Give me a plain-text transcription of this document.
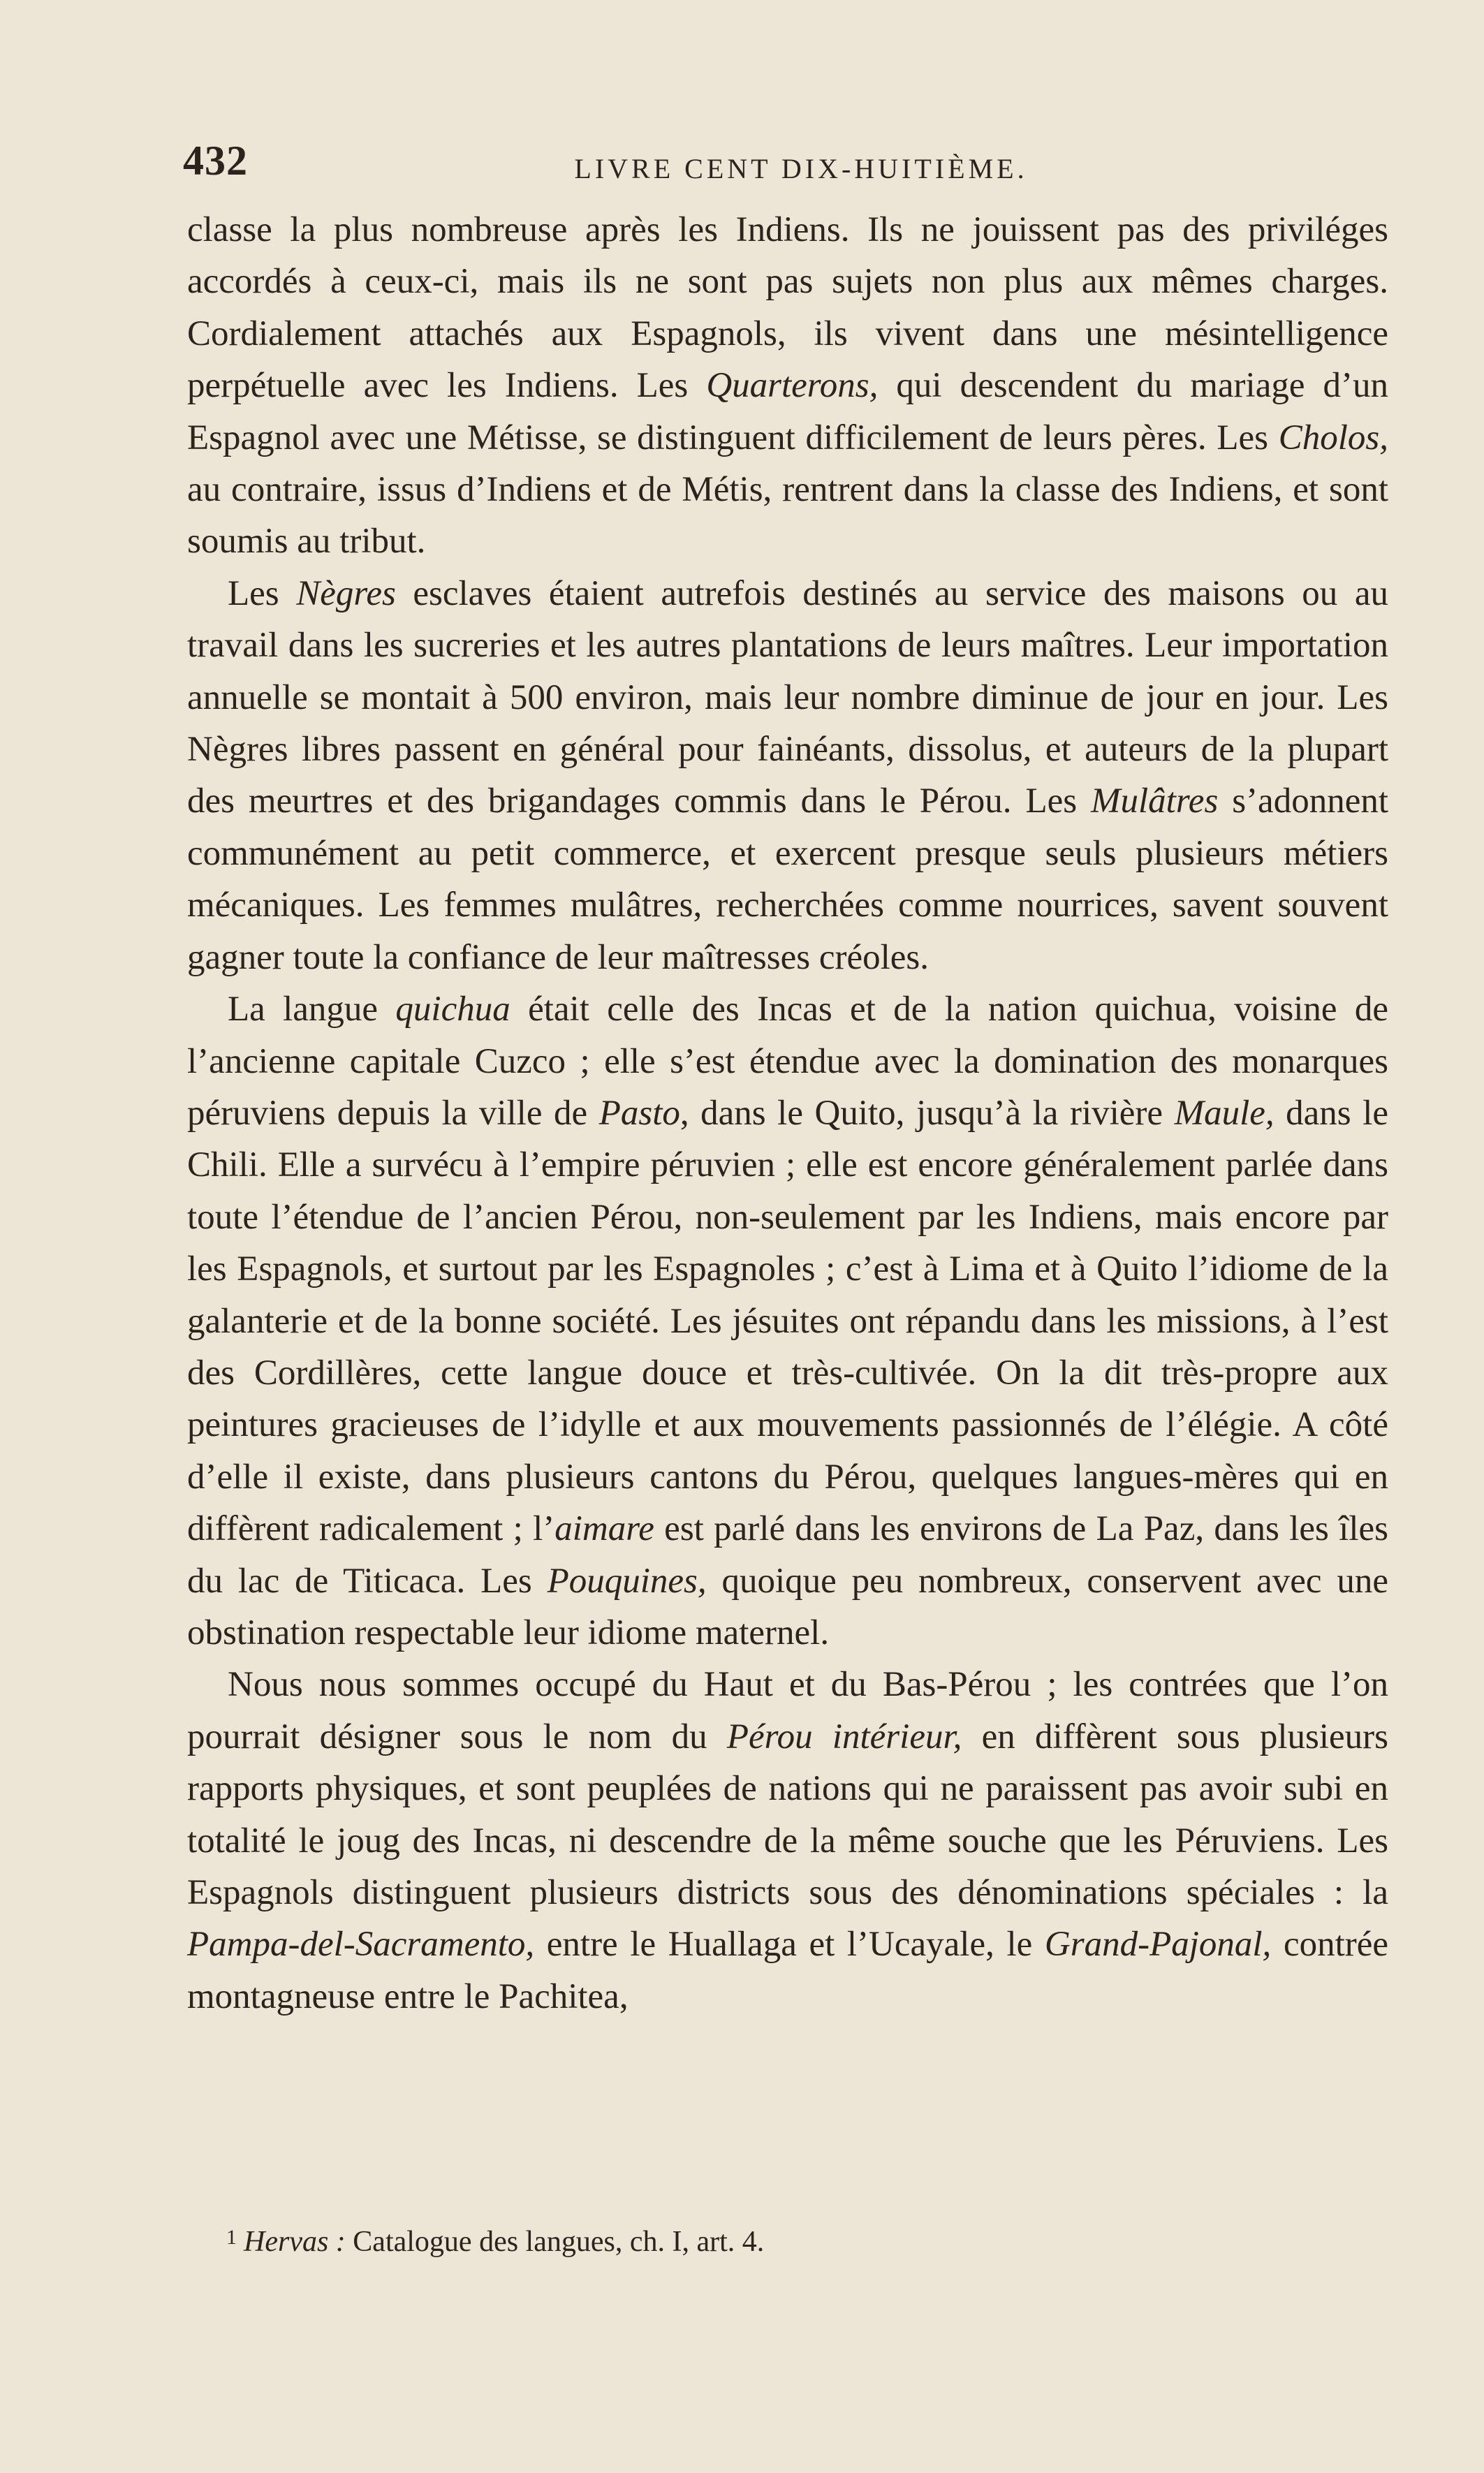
432	LIVRE CENT DIX-HUITIÈME.

classe la plus nombreuse après les Indiens. Ils ne jouissent pas des priviléges accordés à ceux-ci, mais ils ne sont pas sujets non plus aux mêmes charges. Cordialement attachés aux Espagnols, ils vivent dans une mésintelligence perpétuelle avec les Indiens. Les Quarterons, qui descendent du mariage d’un Espagnol avec une Métisse, se distinguent difficilement de leurs pères. Les Cholos, au contraire, issus d’Indiens et de Métis, rentrent dans la classe des Indiens, et sont soumis au tribut.

Les Nègres esclaves étaient autrefois destinés au service des maisons ou au travail dans les sucreries et les autres plantations de leurs maîtres. Leur importation annuelle se montait à 500 environ, mais leur nombre diminue de jour en jour. Les Nègres libres passent en général pour fainéants, dissolus, et auteurs de la plupart des meurtres et des brigandages commis dans le Pérou. Les Mulâtres s’adonnent communément au petit commerce, et exercent presque seuls plusieurs métiers mécaniques. Les femmes mulâtres, recherchées comme nourrices, savent souvent gagner toute la confiance de leur maîtresses créoles.

La langue quichua était celle des Incas et de la nation quichua, voisine de l’ancienne capitale Cuzco ; elle s’est étendue avec la domination des monarques péruviens depuis la ville de Pasto, dans le Quito, jusqu’à la rivière Maule, dans le Chili. Elle a survécu à l’empire péruvien ; elle est encore généralement parlée dans toute l’étendue de l’ancien Pérou, non-seulement par les Indiens, mais encore par les Espagnols, et surtout par les Espagnoles ; c’est à Lima et à Quito l’idiome de la galanterie et de la bonne société. Les jésuites ont répandu dans les missions, à l’est des Cordillères, cette langue douce et très-cultivée. On la dit très-propre aux peintures gracieuses de l’idylle et aux mouvements passionnés de l’élégie. A côté d’elle il existe, dans plusieurs cantons du Pérou, quelques langues-mères qui en diffèrent radicalement ; l’aimare est parlé dans les environs de La Paz, dans les îles du lac de Titicaca. Les Pouquines, quoique peu nombreux, conservent avec une obstination respectable leur idiome maternel.

Nous nous sommes occupé du Haut et du Bas-Pérou ; les contrées que l’on pourrait désigner sous le nom du Pérou intérieur, en diffèrent sous plusieurs rapports physiques, et sont peuplées de nations qui ne paraissent pas avoir subi en totalité le joug des Incas, ni descendre de la même souche que les Péruviens. Les Espagnols distinguent plusieurs districts sous des dénominations spéciales : la Pampa-del-Sacramento, entre le Huallaga et l’Ucayale, le Grand-Pajonal, contrée montagneuse entre le Pachitea,

$^1$ Hervas : Catalogue des langues, ch. I, art. 4.
